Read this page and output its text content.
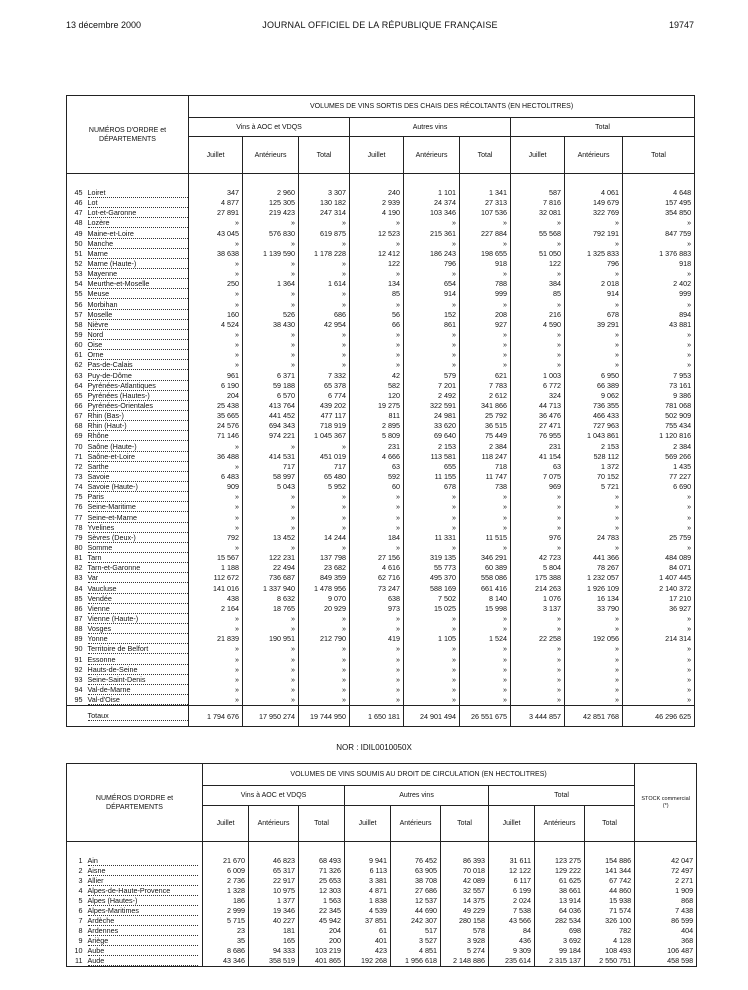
13 décembre 2000	JOURNAL OFFICIEL DE LA RÉPUBLIQUE FRANÇAISE	19747
NUMÉROS D'ORDRE et DÉPARTEMENTS		VOLUMES DE VINS SORTIS DES CHAIS DES RÉCOLTANTS (EN HECTOLITRES)								
		Vins à AOC et VDQS			Autres vins			Total		
		Juillet	Antérieurs	Total	Juillet	Antérieurs	Total	Juillet	Antérieurs	Total

45	Loiret	347	2 960	3 307	240	1 101	1 341	587	4 061	4 648
46	Lot	4 877	125 305	130 182	2 939	24 374	27 313	7 816	149 679	157 495
47	Lot-et-Garonne	27 891	219 423	247 314	4 190	103 346	107 536	32 081	322 769	354 850
48	Lozère	»	»	»	»	»	»	»	»	»
49	Maine-et-Loire	43 045	576 830	619 875	12 523	215 361	227 884	55 568	792 191	847 759
50	Manche	»	»	»	»	»	»	»	»	»
51	Marne	38 638	1 139 590	1 178 228	12 412	186 243	198 655	51 050	1 325 833	1 376 883
52	Marne (Haute-)	»	»	»	122	796	918	122	796	918
53	Mayenne	»	»	»	»	»	»	»	»	»
54	Meurthe-et-Moselle	250	1 364	1 614	134	654	788	384	2 018	2 402
55	Meuse	»	»	»	85	914	999	85	914	999
56	Morbihan	»	»	»	»	»	»	»	»	»
57	Moselle	160	526	686	56	152	208	216	678	894
58	Nièvre	4 524	38 430	42 954	66	861	927	4 590	39 291	43 881
59	Nord	»	»	»	»	»	»	»	»	»
60	Oise	»	»	»	»	»	»	»	»	»
61	Orne	»	»	»	»	»	»	»	»	»
62	Pas-de-Calais	»	»	»	»	»	»	»	»	»
63	Puy-de-Dôme	961	6 371	7 332	42	579	621	1 003	6 950	7 953
64	Pyrénées-Atlantiques	6 190	59 188	65 378	582	7 201	7 783	6 772	66 389	73 161
65	Pyrénées (Hautes-)	204	6 570	6 774	120	2 492	2 612	324	9 062	9 386
66	Pyrénées-Orientales	25 438	413 764	439 202	19 275	322 591	341 866	44 713	736 355	781 068
67	Rhin (Bas-)	35 665	441 452	477 117	811	24 981	25 792	36 476	466 433	502 909
68	Rhin (Haut-)	24 576	694 343	718 919	2 895	33 620	36 515	27 471	727 963	755 434
69	Rhône	71 146	974 221	1 045 367	5 809	69 640	75 449	76 955	1 043 861	1 120 816
70	Saône (Haute-)	»	»	»	231	2 153	2 384	231	2 153	2 384
71	Saône-et-Loire	36 488	414 531	451 019	4 666	113 581	118 247	41 154	528 112	569 266
72	Sarthe	»	717	717	63	655	718	63	1 372	1 435
73	Savoie	6 483	58 997	65 480	592	11 155	11 747	7 075	70 152	77 227
74	Savoie (Haute-)	909	5 043	5 952	60	678	738	969	5 721	6 690
75	Paris	»	»	»	»	»	»	»	»	»
76	Seine-Maritime	»	»	»	»	»	»	»	»	»
77	Seine-et-Marne	»	»	»	»	»	»	»	»	»
78	Yvelines	»	»	»	»	»	»	»	»	»
79	Sèvres (Deux-)	792	13 452	14 244	184	11 331	11 515	976	24 783	25 759
80	Somme	»	»	»	»	»	»	»	»	»
81	Tarn	15 567	122 231	137 798	27 156	319 135	346 291	42 723	441 366	484 089
82	Tarn-et-Garonne	1 188	22 494	23 682	4 616	55 773	60 389	5 804	78 267	84 071
83	Var	112 672	736 687	849 359	62 716	495 370	558 086	175 388	1 232 057	1 407 445
84	Vaucluse	141 016	1 337 940	1 478 956	73 247	588 169	661 416	214 263	1 926 109	2 140 372
85	Vendée	438	8 632	9 070	638	7 502	8 140	1 076	16 134	17 210
86	Vienne	2 164	18 765	20 929	973	15 025	15 998	3 137	33 790	36 927
87	Vienne (Haute-)	»	»	»	»	»	»	»	»	»
88	Vosges	»	»	»	»	»	»	»	»	»
89	Yonne	21 839	190 951	212 790	419	1 105	1 524	22 258	192 056	214 314
90	Territoire de Belfort	»	»	»	»	»	»	»	»	»
91	Essonne	»	»	»	»	»	»	»	»	»
92	Hauts-de-Seine	»	»	»	»	»	»	»	»	»
93	Seine-Saint-Denis	»	»	»	»	»	»	»	»	»
94	Val-de-Marne	»	»	»	»	»	»	»	»	»
95	Val-d'Oise	»	»	»	»	»	»	»	»	»
	Totaux	1 794 676	17 950 274	19 744 950	1 650 181	24 901 494	26 551 675	3 444 857	42 851 768	46 296 625
NOR : IDIL0010050X
NUMÉROS D'ORDRE et DÉPARTEMENTS		VOLUMES DE VINS SOUMIS AU DROIT DE CIRCULATION (EN HECTOLITRES)									STOCK commercial (*)

		Vins à AOC et VDQS			Autres vins			Total			
		Juillet	Antérieurs	Total	Juillet	Antérieurs	Total	Juillet	Antérieurs	Total	

1	Ain	21 670	46 823	68 493	9 941	76 452	86 393	31 611	123 275	154 886	42 047
2	Aisne	6 009	65 317	71 326	6 113	63 905	70 018	12 122	129 222	141 344	72 497
3	Allier	2 736	22 917	25 653	3 381	38 708	42 089	6 117	61 625	67 742	2 271
4	Alpes-de-Haute-Provence	1 328	10 975	12 303	4 871	27 686	32 557	6 199	38 661	44 860	1 909
5	Alpes (Hautes-)	186	1 377	1 563	1 838	12 537	14 375	2 024	13 914	15 938	868
6	Alpes-Maritimes	2 999	19 346	22 345	4 539	44 690	49 229	7 538	64 036	71 574	7 438
7	Ardèche	5 715	40 227	45 942	37 851	242 307	280 158	43 566	282 534	326 100	86 599
8	Ardennes	23	181	204	61	517	578	84	698	782	404
9	Ariège	35	165	200	401	3 527	3 928	436	3 692	4 128	368
10	Aube	8 686	94 333	103 219	423	4 851	5 274	9 309	99 184	108 493	106 487
11	Aude	43 346	358 519	401 865	192 268	1 956 618	2 148 886	235 614	2 315 137	2 550 751	458 598
